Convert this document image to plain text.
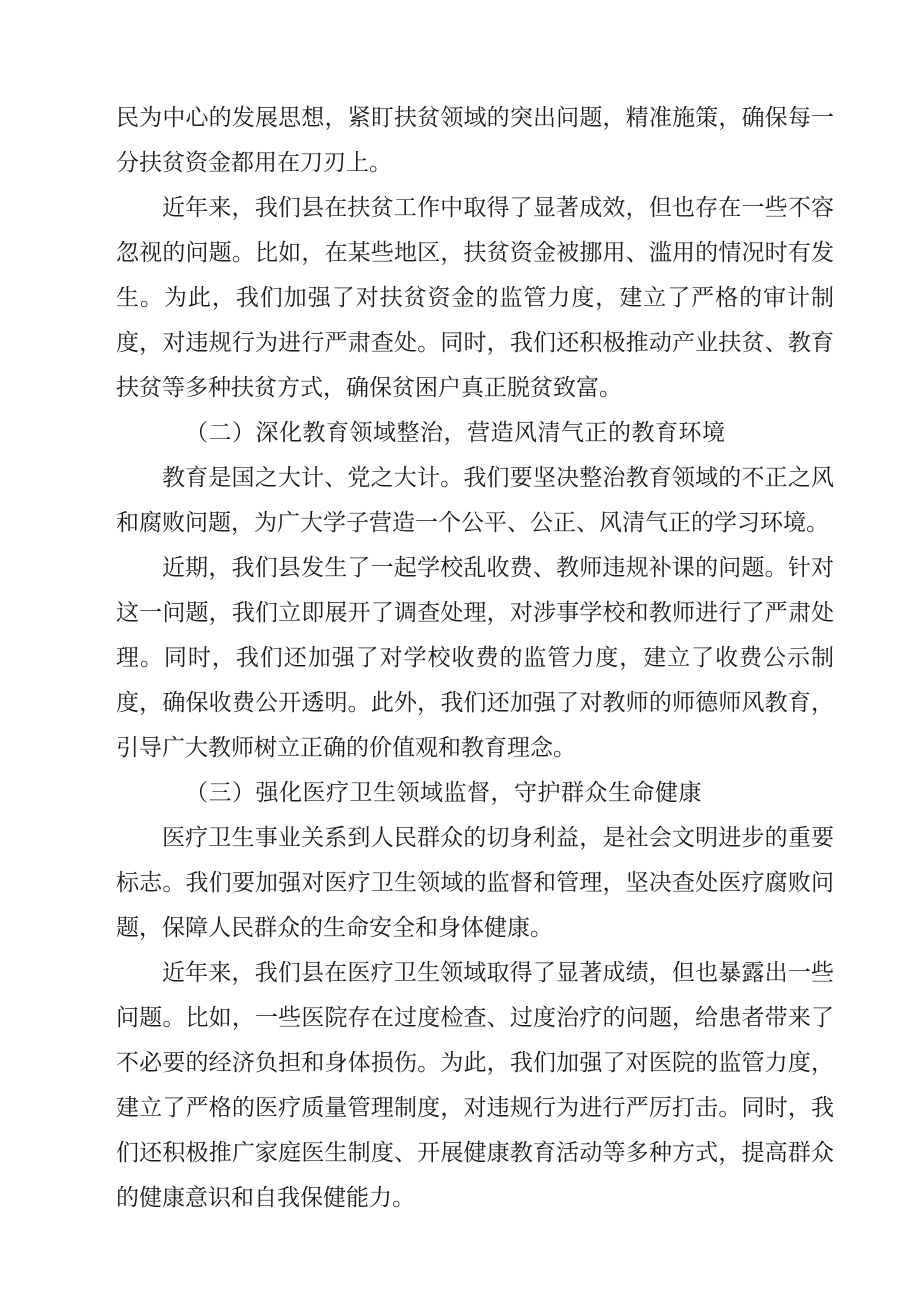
民为中心的发展思想，紧盯扶贫领域的突出问题，精准施策，确保每一分扶贫资金都用在刀刃上。

近年来，我们县在扶贫工作中取得了显著成效，但也存在一些不容忽视的问题。比如，在某些地区，扶贫资金被挪用、滥用的情况时有发生。为此，我们加强了对扶贫资金的监管力度，建立了严格的审计制度，对违规行为进行严肃查处。同时，我们还积极推动产业扶贫、教育扶贫等多种扶贫方式，确保贫困户真正脱贫致富。

（二）深化教育领域整治，营造风清气正的教育环境

教育是国之大计、党之大计。我们要坚决整治教育领域的不正之风和腐败问题，为广大学子营造一个公平、公正、风清气正的学习环境。

近期，我们县发生了一起学校乱收费、教师违规补课的问题。针对这一问题，我们立即展开了调查处理，对涉事学校和教师进行了严肃处理。同时，我们还加强了对学校收费的监管力度，建立了收费公示制度，确保收费公开透明。此外，我们还加强了对教师的师德师风教育，引导广大教师树立正确的价值观和教育理念。

（三）强化医疗卫生领域监督，守护群众生命健康

医疗卫生事业关系到人民群众的切身利益，是社会文明进步的重要标志。我们要加强对医疗卫生领域的监督和管理，坚决查处医疗腐败问题，保障人民群众的生命安全和身体健康。

近年来，我们县在医疗卫生领域取得了显著成绩，但也暴露出一些问题。比如，一些医院存在过度检查、过度治疗的问题，给患者带来了不必要的经济负担和身体损伤。为此，我们加强了对医院的监管力度，建立了严格的医疗质量管理制度，对违规行为进行严厉打击。同时，我们还积极推广家庭医生制度、开展健康教育活动等多种方式，提高群众的健康意识和自我保健能力。
